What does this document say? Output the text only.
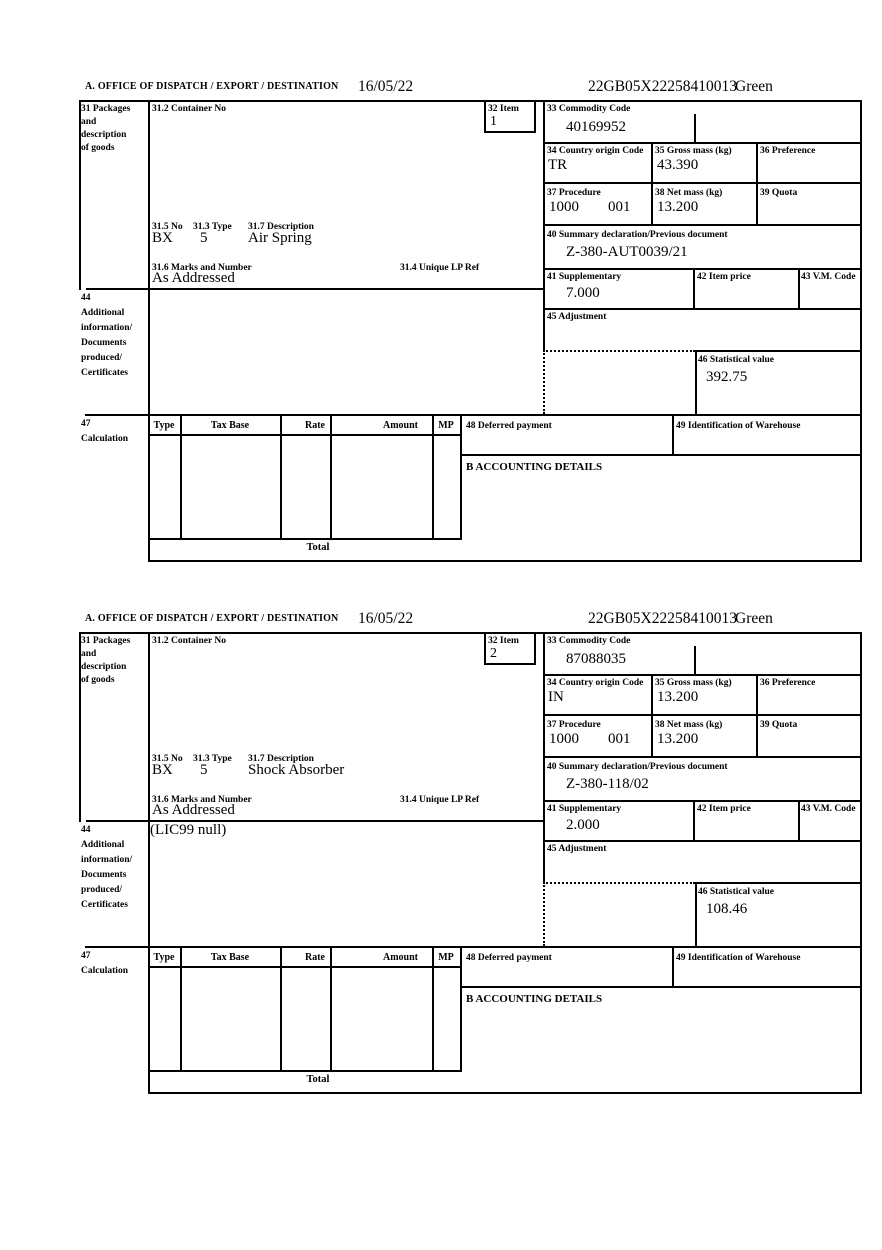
A. OFFICE OF DISPATCH / EXPORT / DESTINATION 16/05/22	22GB05X22258410013
Green
31 Packages
and
description
of goods
44
Additional
information/
Documents
produced/
Certificates
47
Calculation
31.2 Container No	32 Item
1
31.5 No 31.3 Type 31.7 Description
BX 5	Air Spring
31.6 Marks and Number	31.4 Unique LP Ref
As Addressed
33 Commodity Code
40169952
34 Country origin Code
TR
35 Gross mass (kg)
43.390
36 Preference
37 Procedure
1000 001
38 Net mass (kg)
13.200
39 Quota
40 Summary declaration/Previous document
Z-380-AUT0039/21
41 Supplementary
7.000
42 Item price	43 V.M. Code
45 Adjustment
46 Statistical value
392.75
Type	Tax Base	Rate	Amount	MP	48 Deferred payment	49 Identification of Warehouse
B ACCOUNTING DETAILS
Total
A. OFFICE OF DISPATCH / EXPORT / DESTINATION 16/05/22	22GB05X22258410013
Green
31 Packages
and
description
of goods
44
Additional
information/
Documents
produced/
Certificates
47
Calculation
31.2 Container No	32 Item
2
31.5 No 31.3 Type 31.7 Description
BX 5	Shock Absorber
31.6 Marks and Number	31.4 Unique LP Ref
As Addressed
(LIC99 null)
33 Commodity Code
87088035
34 Country origin Code
IN
35 Gross mass (kg)
13.200
36 Preference
37 Procedure
1000 001
38 Net mass (kg)
13.200
39 Quota
40 Summary declaration/Previous document
Z-380-118/02
41 Supplementary
2.000
42 Item price	43 V.M. Code
45 Adjustment
46 Statistical value
108.46
Type	Tax Base	Rate	Amount	MP	48 Deferred payment	49 Identification of Warehouse
B ACCOUNTING DETAILS
Total
